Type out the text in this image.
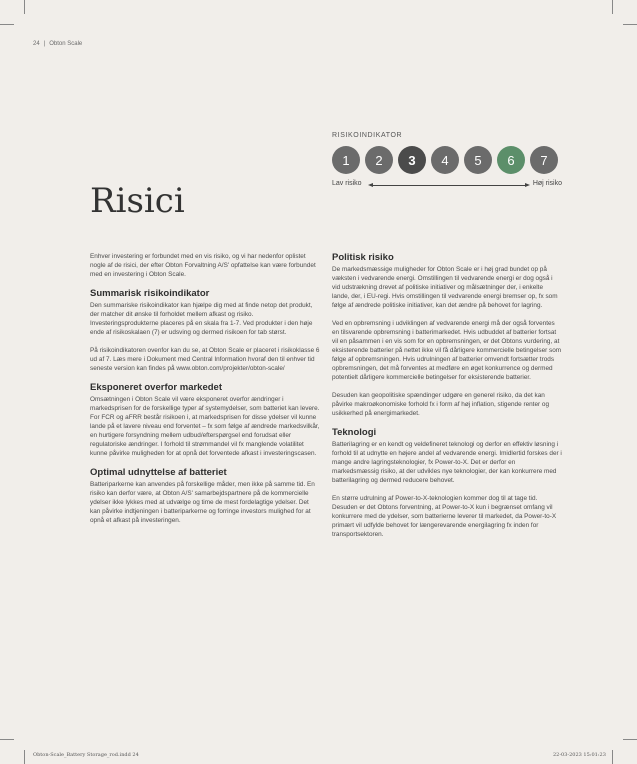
24 | Obton Scale
Risici
RISIKOINDIKATOR
1	2	3	4	5	6	7
Lav risiko	Høj risiko

Enhver investering er forbundet med en vis risiko, og vi har nedenfor oplistet nogle af de risici, der efter Obton Forvaltning A/S' opfattelse kan være forbundet med en investering i Obton Scale.

Summarisk risikoindikator

Den summariske risikoindikator kan hjælpe dig med at finde netop det produkt, der matcher dit ønske til forholdet mellem afkast og risiko. Investeringsprodukterne placeres på en skala fra 1-7. Ved produkter i den høje ende af risikoskalaen (7) er udsving og dermed risikoen for tab størst.

På risikoindikatoren ovenfor kan du se, at Obton Scale er placeret i risikoklasse 6 ud af 7. Læs mere i Dokument med Central Information hvoraf den til enhver tid seneste version kan findes på www.obton.com/projekter/obton-scale/

Eksponeret overfor markedet

Omsætningen i Obton Scale vil være eksponeret overfor ændringer i markedsprisen for de forskellige typer af systemydelser, som batteriet kan levere. For FCR og aFRR består risikoen i, at markedsprisen for disse ydelser vil kunne lande på et lavere niveau end forventet – fx som følge af ændrede markedsvilkår, en hurtigere forsyndning mellem udbud/efterspørgsel end forudsat eller regulatoriske ændringer. I forhold til strømmandel vil fx manglende volatilitet kunne påvirke muligheden for at opnå det forventede afkast i investeringscasen.

Optimal udnyttelse af batteriet

Batteriparkerne kan anvendes på forskellige måder, men ikke på samme tid. En risiko kan derfor være, at Obton A/S' samarbejdspartnere på de kommercielle ydelser ikke lykkes med at udvælge og time de mest fordelagtige ydelser. Det kan påvirke indtjeningen i batteriparkerne og forringe investors mulighed for at opnå et afkast på investeringen.

Politisk risiko

De markedsmæssige muligheder for Obton Scale er i høj grad bundet op på væksten i vedvarende energi. Omstillingen til vedvarende energi er dog også i vid udstrækning drevet af politiske initiativer og målsætninger der, i enkelte lande, der, i EU-regi. Hvis omstillingen til vedvarende energi bremser op, fx som følge af ændrede politiske initiativer, kan det ændre på behovet for lagring.

Ved en opbremsning i udviklingen af vedvarende energi må der også forventes en tilsvarende opbremsning i batterimarkedet. Hvis udbuddet af batterier fortsat vil en påsammen i en vis som for en opbremsningen, er det Obtons vurdering, at eksisterende batterier på nettet ikke vil få dårligere kommercielle betingelser som følge af opbremsningen. Hvis udrulningen af batterier omvendt fortsætter trods opbremsningen, det må forventes at medføre en øget konkurrence og dermed potentielt dårligere kommercielle betingelser for eksisterende batterier.

Desuden kan geopolitiske spændinger udgøre en generel risiko, da det kan påvirke makroøkonomiske forhold fx i form af høj inflation, stigende renter og usikkerhed på energimarkedet.

Teknologi

Batterilagring er en kendt og veldefineret teknologi og derfor en effektiv løsning i forhold til at udnytte en højere andel af vedvarende energi. Imidlertid forskes der i mange andre lagringsteknologier, fx Power-to-X. Det er derfor en markedsmæssig risiko, at der udvikles nye teknologier, der kan konkurrere med batterilagring og dermed reducere behovet.

En større udrulning af Power-to-X-teknologien kommer dog til at tage tid. Desuden er det Obtons forventning, at Power-to-X kun i begrænset omfang vil konkurrere med de ydelser, som batterierne leverer til markedet, da Power-to-X primært vil udfylde behovet for længerevarende energilagring fx inden for transportsektoren.

Obton-Scale_Battery Storage_rod.indd 24	22-03-2023 15:01:23
